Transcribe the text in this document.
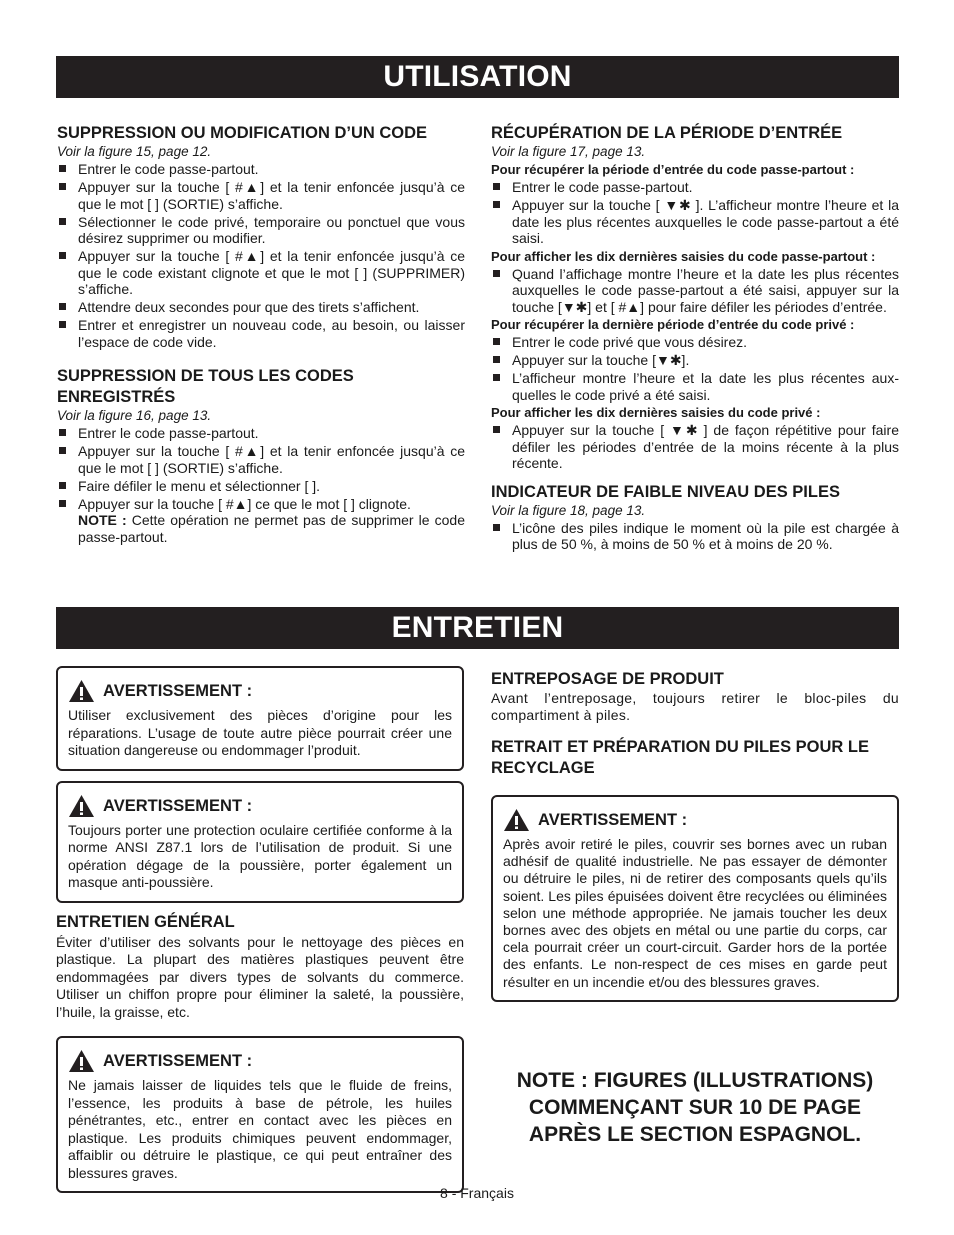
UTILISATION
SUPPRESSION OU MODIFICATION D’UN CODE
Voir la figure 15, page 12.
Entrer le code passe-partout.
Appuyer sur la touche [ #▲] et la tenir enfoncée jusqu’à ce que le mot [ ] (SORTIE) s’affiche.
Sélectionner le code privé, temporaire ou ponctuel que vous désirez supprimer ou modifier.
Appuyer sur la touche [ #▲] et la tenir enfoncée jusqu’à ce que le code existant clignote et que le mot [ ] (SUPPRIMER) s’affiche.
Attendre deux secondes pour que des tirets s’affichent.
Entrer et enregistrer un nouveau code, au besoin, ou laisser l’espace de code vide.
SUPPRESSION DE TOUS LES CODES ENREGISTRÉS
Voir la figure 16, page 13.
Entrer le code passe-partout.
Appuyer sur la touche [ #▲] et la tenir enfoncée jusqu’à ce que le mot [ ] (SORTIE) s’affiche.
Faire défiler le menu et sélectionner [ ].
Appuyer sur la touche [ #▲] ce que le mot [ ] clignote.
NOTE : Cette opération ne permet pas de supprimer le code passe-partout.
RÉCUPÉRATION DE LA PÉRIODE D’ENTRÉE
Voir la figure 17, page 13.
Pour récupérer la période d’entrée du code passe-partout :
Entrer le code passe-partout.
Appuyer sur la touche [ ▼✱ ]. L’afficheur montre l’heure et la date les plus récentes auxquelles le code passe-partout a été saisi.
Pour afficher les dix dernières saisies du code passe-partout :
Quand l’affichage montre l’heure et la date les plus récentes auxquelles le code passe-partout a été saisi, appuyer sur la touche [▼✱] et [ #▲] pour faire défiler les périodes d’entrée.
Pour récupérer la dernière période d’entrée du code privé :
Entrer le code privé que vous désirez.
Appuyer sur la touche [▼✱].
L’afficheur montre l’heure et la date les plus récentes auxquelles le code privé a été saisi.
Pour afficher les dix dernières saisies du code privé :
Appuyer sur la touche [ ▼✱ ] de façon répétitive pour faire défiler les périodes d’entrée de la moins récente à la plus récente.
INDICATEUR DE FAIBLE NIVEAU DES PILES
Voir la figure 18, page 13.
L’icône des piles indique le moment où la pile est chargée à plus de 50 %, à moins de 50 % et à moins de 20 %.
ENTRETIEN
AVERTISSEMENT :

Utiliser exclusivement des pièces d’origine pour les réparations. L’usage de toute autre pièce pourrait créer une situation dangereuse ou endommager l’produit.

AVERTISSEMENT :

Toujours porter une protection oculaire certifiée conforme à la norme ANSI Z87.1 lors de l’utilisation de produit. Si une opération dégage de la poussière, porter également un masque anti-poussière.

ENTRETIEN GÉNÉRAL

Éviter d’utiliser des solvants pour le nettoyage des pièces en plastique. La plupart des matières plastiques peuvent être endommagées par divers types de solvants du commerce. Utiliser un chiffon propre pour éliminer la saleté, la poussière, l’huile, la graisse, etc.

AVERTISSEMENT :

Ne jamais laisser de liquides tels que le fluide de freins, l’essence, les produits à base de pétrole, les huiles pénétrantes, etc., entrer en contact avec les pièces en plastique. Les produits chimiques peuvent endommager, affaiblir ou détruire le plastique, ce qui peut entraîner des blessures graves.

ENTREPOSAGE DE PRODUIT

Avant l’entreposage, toujours retirer le bloc-piles du compartiment à piles.

RETRAIT ET PRÉPARATION DU PILES POUR LE RECYCLAGE
AVERTISSEMENT :

Après avoir retiré le piles, couvrir ses bornes avec un ruban adhésif de qualité industrielle. Ne pas essayer de démonter ou détruire le piles, ni de retirer des composants quels qu’ils soient. Les piles épuisées doivent être recyclées ou éliminées selon une méthode appropriée. Ne jamais toucher les deux bornes avec des objets en métal ou une partie du corps, car cela pourrait créer un court-circuit. Garder hors de la portée des enfants. Le non-respect de ces mises en garde peut résulter en un incendie et/ou des blessures graves.

NOTE : FIGURES (ILLUSTRATIONS) COMMENÇANT SUR 10 DE PAGE APRÈS LE SECTION ESPAGNOL.
8 - Français
